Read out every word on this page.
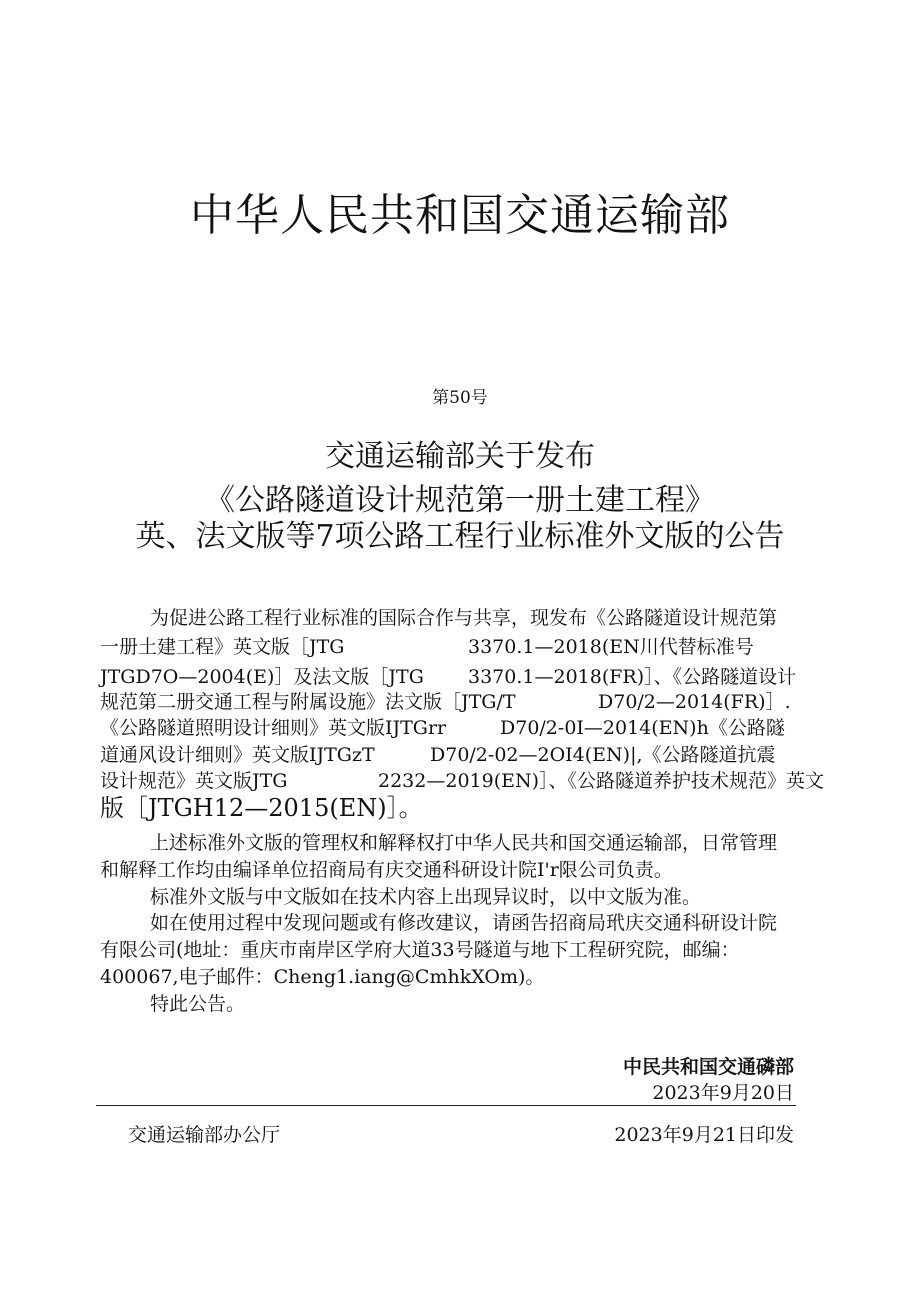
中华人民共和国交通运输部
第50号
交通运输部关于发布
《公路隧道设计规范第一册土建工程》
英、法文版等7项公路工程行业标准外文版的公告
为促进公路工程行业标准的国际合作与共享，现发布《公路隧道设计规范第
一册土建工程》英文版［JTG	3370.1—2018(EN川代替标准号
JTGD7O—2004(E)］及法文版［JTG 3370.1—2018(FR)］、《公路隧道设计
规范第二册交通工程与附属设施》法文版［JTG/T	D70/2—2014(FR)］.
《公路隧道照明设计细则》英文版IJTGrr	D70/2-0I—2014(EN)h《公路隧
道通风设计细则》英文版IJTGzT	D70/2-02—2OI4(EN)|,《公路隧道抗震
设计规范》英文版JTG	2232—2019(EN)］、《公路隧道养护技术规范》英文
版［JTGH12—2015(EN)］。
上述标准外文版的管理权和解释权打中华人民共和国交通运输部，日常管理
和解释工作均由编译单位招商局有庆交通科研设计院I'r限公司负责。
标准外文版与中文版如在技术内容上出现异议时，以中文版为准。
如在使用过程中发现问题或有修改建议，请函告招商局玳庆交通科研设计院
有限公司(地址：重庆市南岸区学府大道33号隧道与地下工程研究院，邮编：
400067,电子邮件：Cheng1.iang@CmhkXOm)。
特此公告。
中民共和国交通磷部
2023年9月20日
交通运输部办公厅	2023年9月21日印发
